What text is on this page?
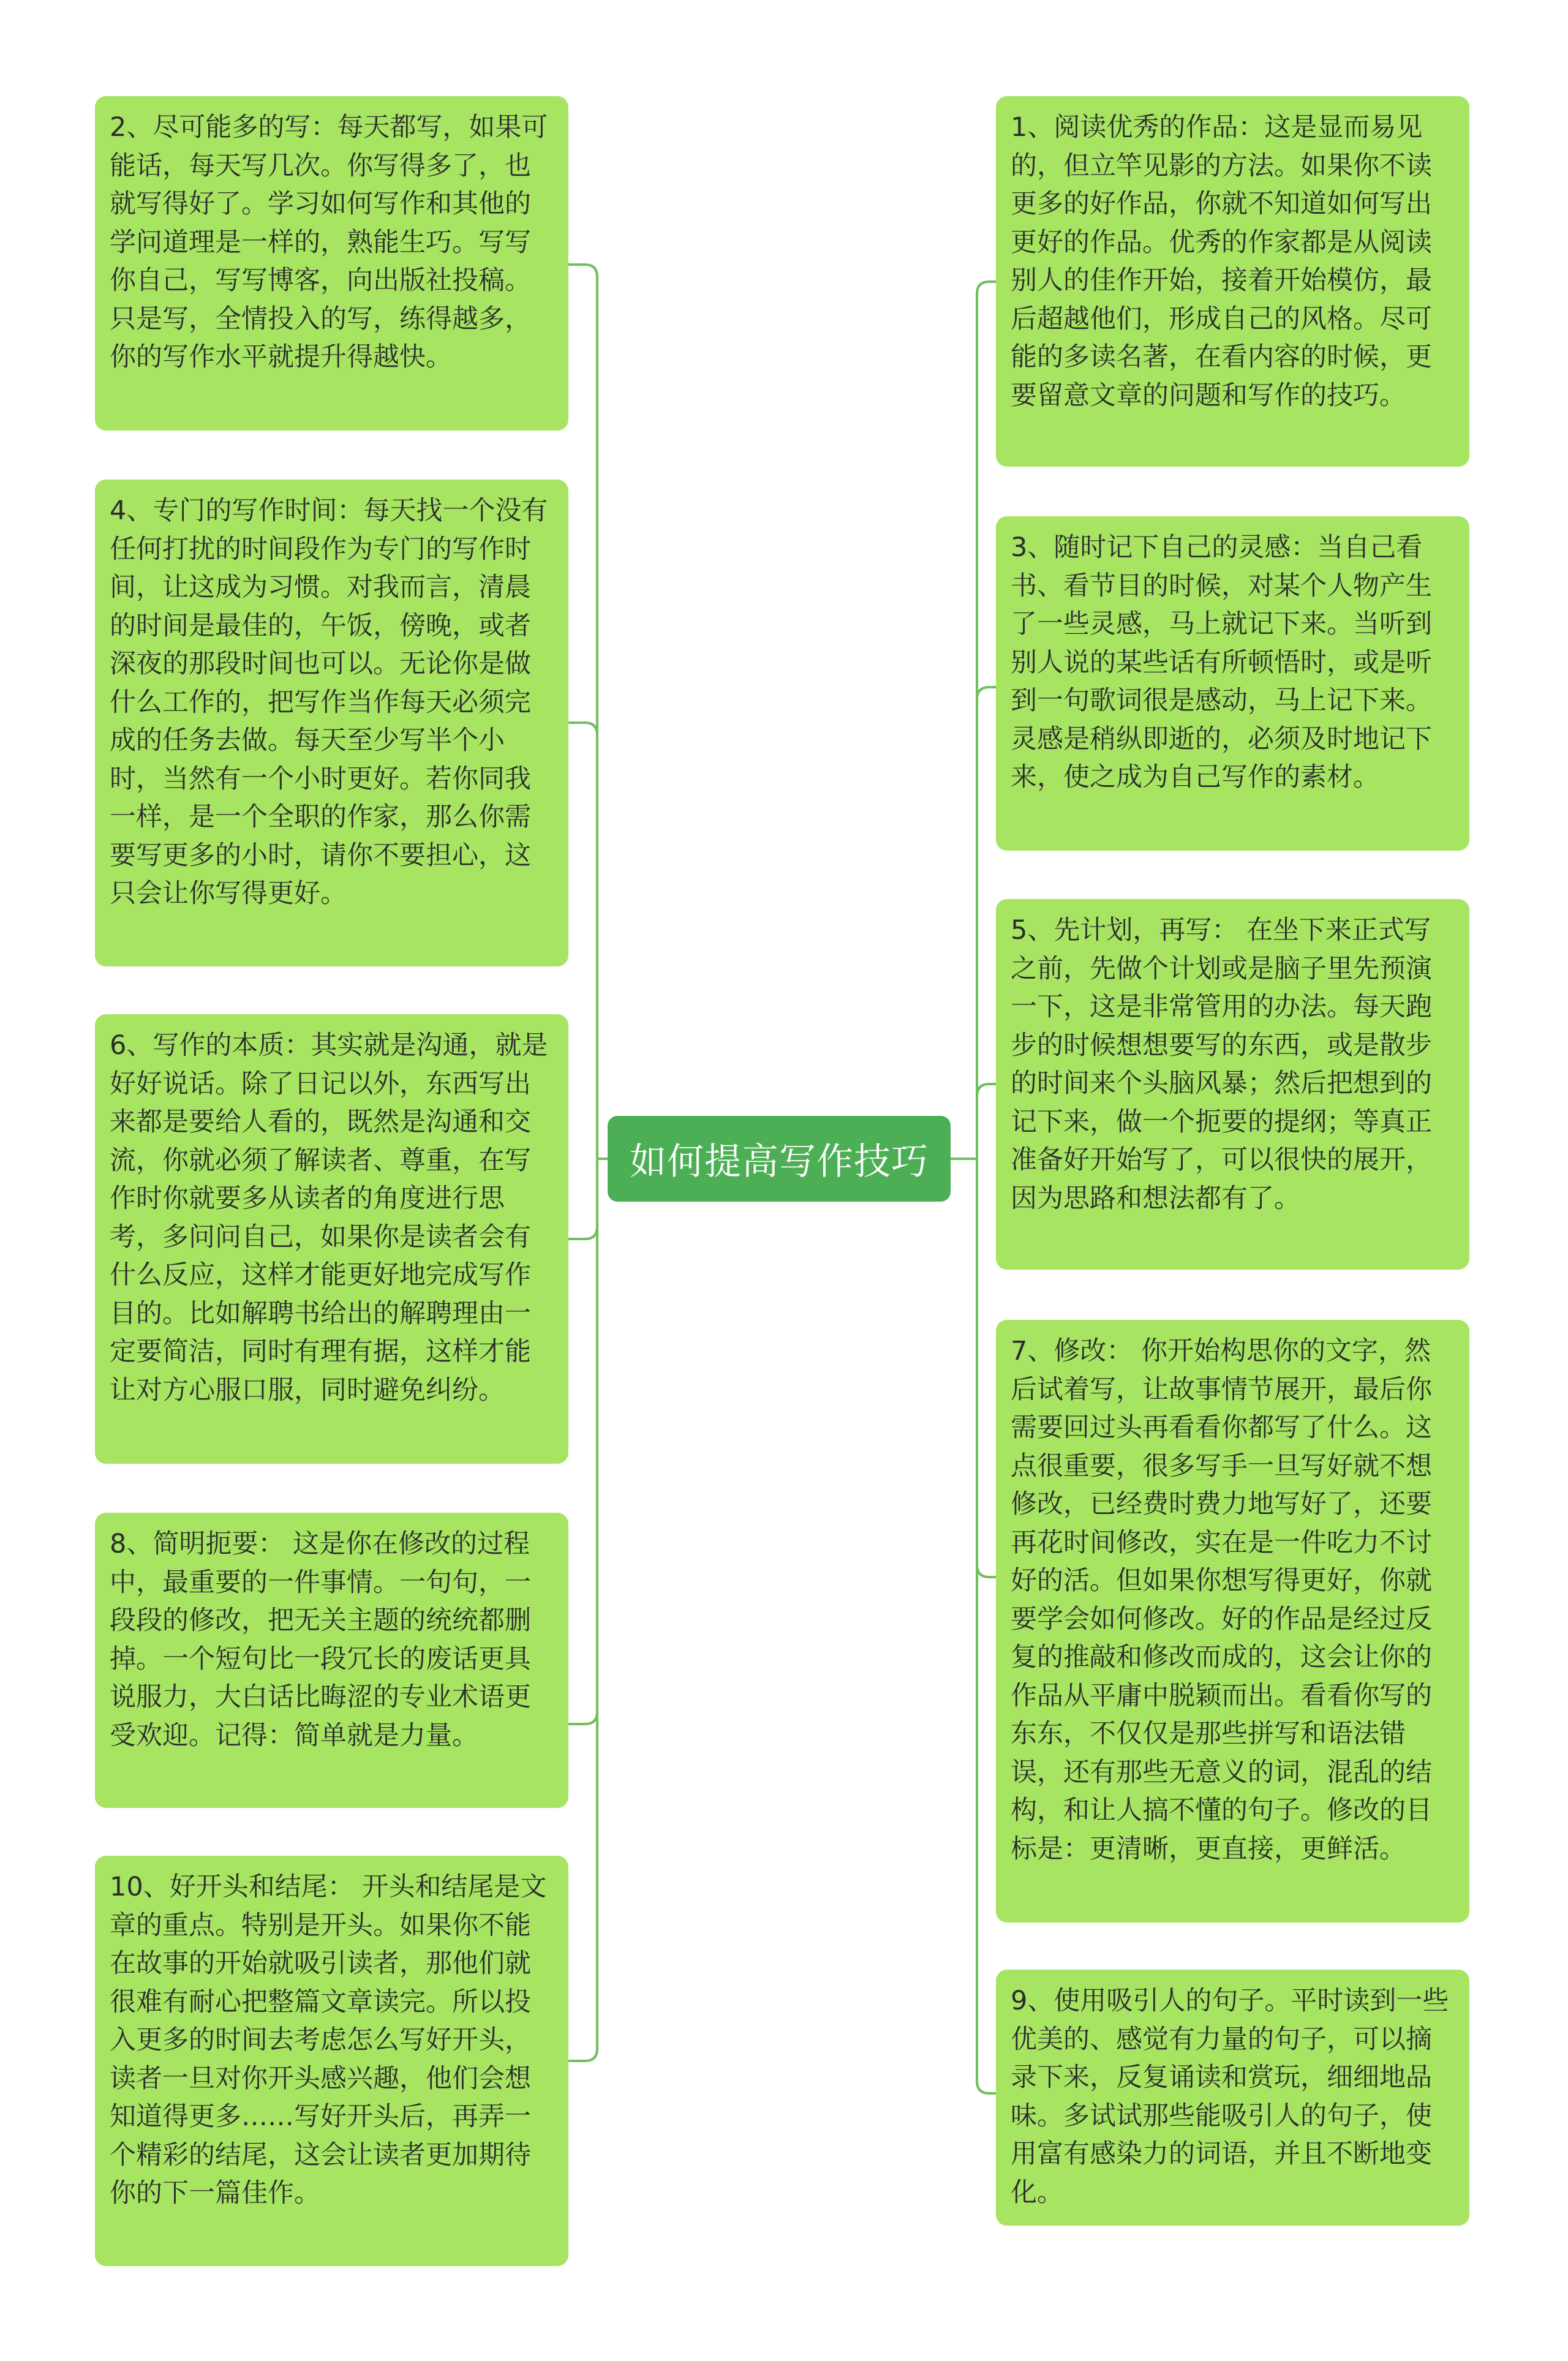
如何提高写作技巧
2、尽可能多的写：每天都写，如果可能话，每天写几次。你写得多了，也就写得好了。学习如何写作和其他的学问道理是一样的，熟能生巧。写写你自己，写写博客，向出版社投稿。只是写，全情投入的写，练得越多，你的写作水平就提升得越快。
4、专门的写作时间：每天找一个没有任何打扰的时间段作为专门的写作时间，让这成为习惯。对我而言，清晨的时间是最佳的，午饭，傍晚，或者深夜的那段时间也可以。无论你是做什么工作的，把写作当作每天必须完成的任务去做。每天至少写半个小时，当然有一个小时更好。若你同我一样，是一个全职的作家，那么你需要写更多的小时，请你不要担心，这只会让你写得更好。
6、写作的本质：其实就是沟通，就是好好说话。除了日记以外，东西写出来都是要给人看的，既然是沟通和交流，你就必须了解读者、尊重，在写作时你就要多从读者的角度进行思考，多问问自己，如果你是读者会有什么反应，这样才能更好地完成写作目的。比如解聘书给出的解聘理由一定要简洁，同时有理有据，这样才能让对方心服口服，同时避免纠纷。
8、简明扼要： 这是你在修改的过程中，最重要的一件事情。一句句，一段段的修改，把无关主题的统统都删掉。一个短句比一段冗长的废话更具说服力，大白话比晦涩的专业术语更受欢迎。记得：简单就是力量。
10、好开头和结尾： 开头和结尾是文章的重点。特别是开头。如果你不能在故事的开始就吸引读者，那他们就很难有耐心把整篇文章读完。所以投入更多的时间去考虑怎么写好开头，读者一旦对你开头感兴趣，他们会想知道得更多……写好开头后，再弄一个精彩的结尾，这会让读者更加期待你的下一篇佳作。
1、阅读优秀的作品：这是显而易见的，但立竿见影的方法。如果你不读更多的好作品，你就不知道如何写出更好的作品。优秀的作家都是从阅读别人的佳作开始，接着开始模仿，最后超越他们，形成自己的风格。尽可能的多读名著，在看内容的时候，更要留意文章的问题和写作的技巧。
3、随时记下自己的灵感：当自己看书、看节目的时候，对某个人物产生了一些灵感，马上就记下来。当听到别人说的某些话有所顿悟时，或是听到一句歌词很是感动，马上记下来。灵感是稍纵即逝的，必须及时地记下来，使之成为自己写作的素材。
5、先计划，再写： 在坐下来正式写之前，先做个计划或是脑子里先预演一下，这是非常管用的办法。每天跑步的时候想想要写的东西，或是散步的时间来个头脑风暴；然后把想到的记下来，做一个扼要的提纲；等真正准备好开始写了，可以很快的展开，因为思路和想法都有了。
7、修改： 你开始构思你的文字，然后试着写，让故事情节展开，最后你需要回过头再看看你都写了什么。这点很重要，很多写手一旦写好就不想修改，已经费时费力地写好了，还要再花时间修改，实在是一件吃力不讨好的活。但如果你想写得更好，你就要学会如何修改。好的作品是经过反复的推敲和修改而成的，这会让你的作品从平庸中脱颖而出。看看你写的东东，不仅仅是那些拼写和语法错误，还有那些无意义的词，混乱的结构，和让人搞不懂的句子。修改的目标是：更清晰，更直接，更鲜活。
9、使用吸引人的句子。平时读到一些优美的、感觉有力量的句子，可以摘录下来，反复诵读和赏玩，细细地品味。多试试那些能吸引人的句子，使用富有感染力的词语，并且不断地变化。
